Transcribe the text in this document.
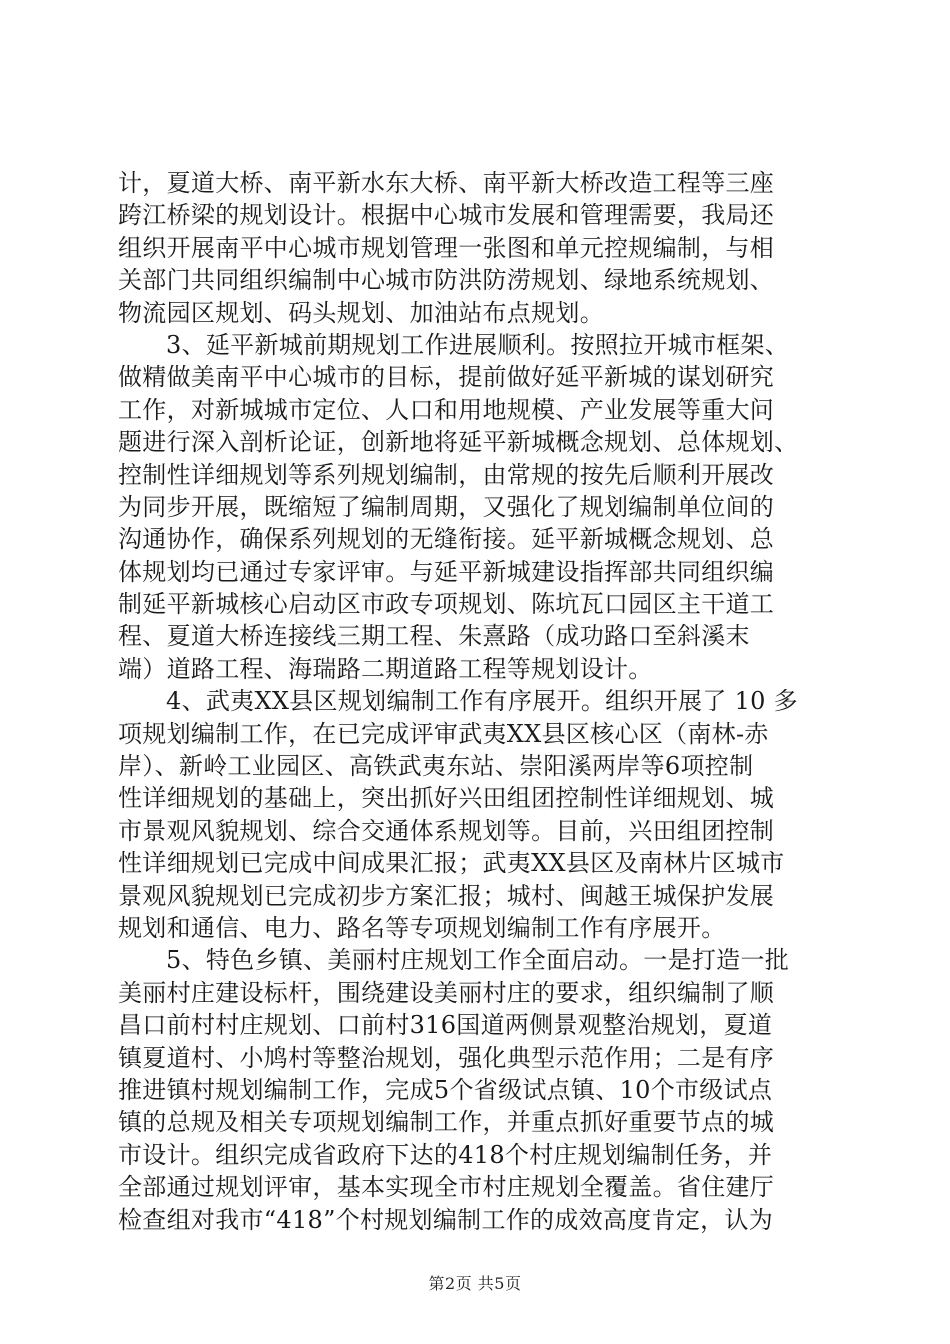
计，夏道大桥、南平新水东大桥、南平新大桥改造工程等三座
跨江桥梁的规划设计。根据中心城市发展和管理需要，我局还
组织开展南平中心城市规划管理一张图和单元控规编制，与相
关部门共同组织编制中心城市防洪防涝规划、绿地系统规划、
物流园区规划、码头规划、加油站布点规划。
3、延平新城前期规划工作进展顺利。按照拉开城市框架、
做精做美南平中心城市的目标，提前做好延平新城的谋划研究
工作，对新城城市定位、人口和用地规模、产业发展等重大问
题进行深入剖析论证，创新地将延平新城概念规划、总体规划、
控制性详细规划等系列规划编制，由常规的按先后顺利开展改
为同步开展，既缩短了编制周期，又强化了规划编制单位间的
沟通协作，确保系列规划的无缝衔接。延平新城概念规划、总
体规划均已通过专家评审。与延平新城建设指挥部共同组织编
制延平新城核心启动区市政专项规划、陈坑瓦口园区主干道工
程、夏道大桥连接线三期工程、朱熹路（成功路口至斜溪末
端）道路工程、海瑞路二期道路工程等规划设计。
4、武夷XX县区规划编制工作有序展开。组织开展了 10 多
项规划编制工作，在已完成评审武夷XX县区核心区（南林-赤
岸）、新岭工业园区、高铁武夷东站、崇阳溪两岸等6项控制
性详细规划的基础上，突出抓好兴田组团控制性详细规划、城
市景观风貌规划、综合交通体系规划等。目前，兴田组团控制
性详细规划已完成中间成果汇报；武夷XX县区及南林片区城市
景观风貌规划已完成初步方案汇报；城村、闽越王城保护发展
规划和通信、电力、路名等专项规划编制工作有序展开。
5、特色乡镇、美丽村庄规划工作全面启动。一是打造一批
美丽村庄建设标杆，围绕建设美丽村庄的要求，组织编制了顺
昌口前村村庄规划、口前村316国道两侧景观整治规划，夏道
镇夏道村、小鸠村等整治规划，强化典型示范作用；二是有序
推进镇村规划编制工作，完成5个省级试点镇、10个市级试点
镇的总规及相关专项规划编制工作，并重点抓好重要节点的城
市设计。组织完成省政府下达的418个村庄规划编制任务，并
全部通过规划评审，基本实现全市村庄规划全覆盖。省住建厅
检查组对我市“418”个村规划编制工作的成效高度肯定，认为
第2页 共5页
